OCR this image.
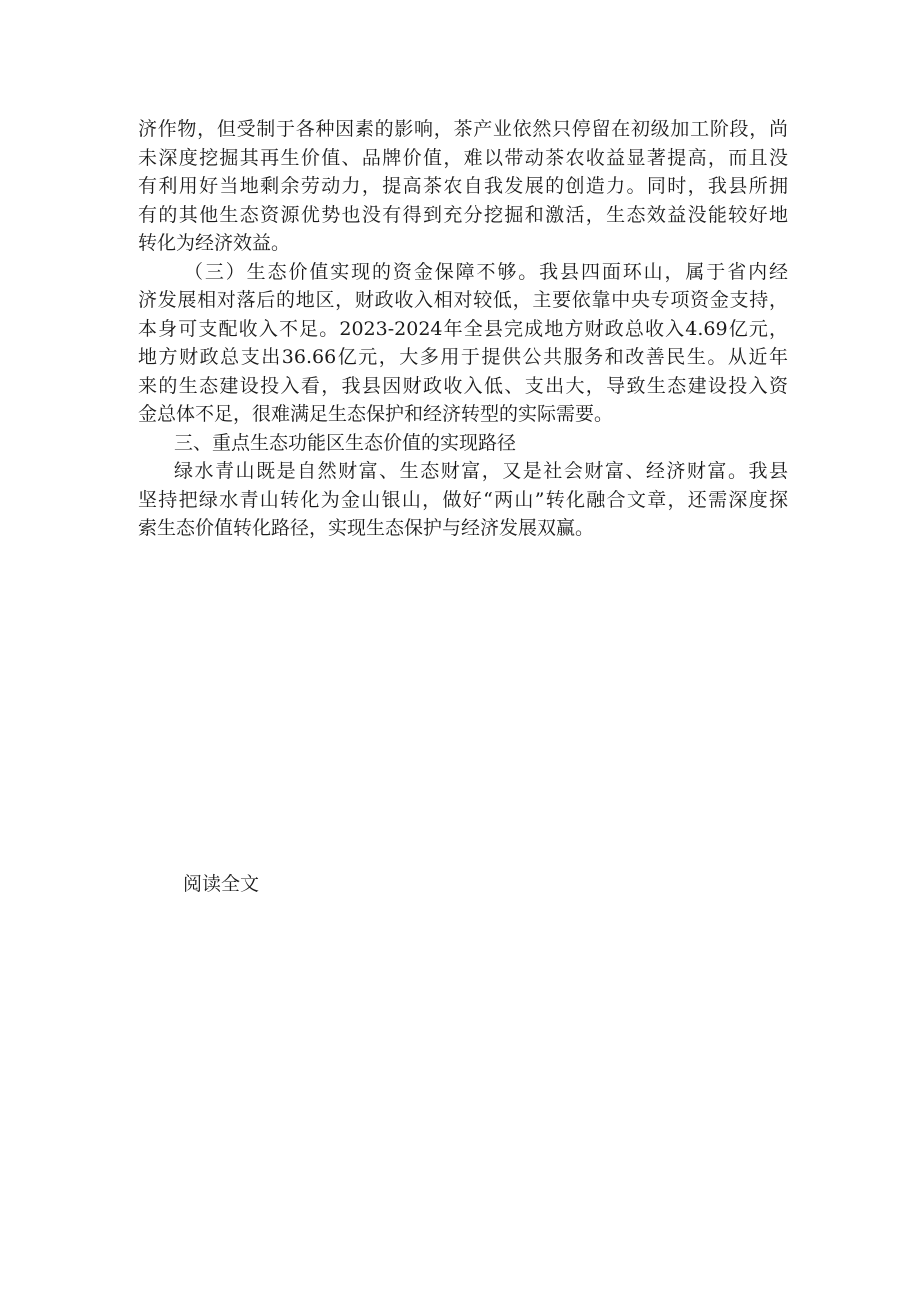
济作物，但受制于各种因素的影响，茶产业依然只停留在初级加工阶段，尚
未深度挖掘其再生价值、品牌价值，难以带动茶农收益显著提高，而且没
有利用好当地剩余劳动力，提高茶农自我发展的创造力。同时，我县所拥
有的其他生态资源优势也没有得到充分挖掘和激活，生态效益没能较好地
转化为经济效益。
（三）生态价值实现的资金保障不够。我县四面环山，属于省内经
济发展相对落后的地区，财政收入相对较低，主要依靠中央专项资金支持，
本身可支配收入不足。2023-2024年全县完成地方财政总收入4.69亿元，
地方财政总支出36.66亿元，大多用于提供公共服务和改善民生。从近年
来的生态建设投入看，我县因财政收入低、支出大，导致生态建设投入资
金总体不足，很难满足生态保护和经济转型的实际需要。
三、重点生态功能区生态价值的实现路径
绿水青山既是自然财富、生态财富，又是社会财富、经济财富。我县
坚持把绿水青山转化为金山银山，做好“两山”转化融合文章，还需深度探
索生态价值转化路径，实现生态保护与经济发展双赢。
阅读全文
